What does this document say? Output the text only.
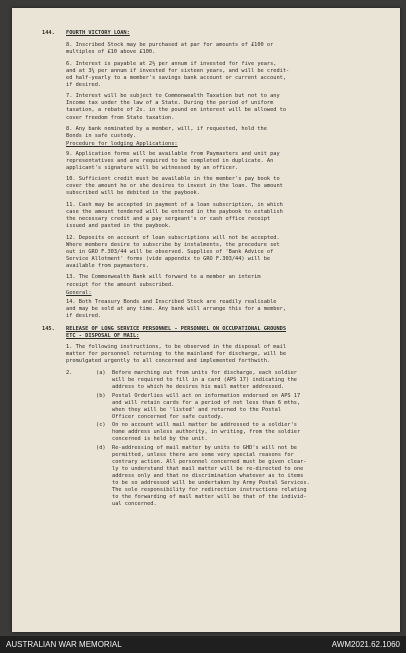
144.	FOURTH VICTORY LOAN:
8. Inscribed Stock may be purchased at par for amounts of £100 or
multiples of £10 above £100.
6. Interest is payable at 2½ per annum if invested for five years,
and at 3¼ per annum if invested for sixteen years, and will be credit-
ed half-yearly to a member's savings bank account or current account,
if desired.
7. Interest will be subject to Commonwealth Taxation but not to any
Income tax under the law of a State. During the period of uniform
taxation, a rebate of 2s. in the pound on interest will be allowed to
cover freedom from State taxation.
8. Any bank nominated by a member, will, if requested, hold the
Bonds in safe custody.
Procedure for lodging Applications:
9. Application forms will be available from Paymasters and unit pay
representatives and are required to be completed in duplicate. An
applicant's signature will be witnessed by an officer.
10. Sufficient credit must be available in the member's pay book to
cover the amount he or she desires to invest in the loan. The amount
subscribed will be debited in the paybook.
11. Cash may be accepted in payment of a loan subscription, in which
case the amount tendered will be entered in the paybook to establish
the necessary credit and a pay sergeant's or cash office receipt
issued and pasted in the paybook.
12. Deposits on account of loan subscriptions will not be accepted.
Where members desire to subscribe by instalments, the procedure set
out in GRO F.303/44 will be observed. Supplies of 'Bank Advice of
Service Allotment' forms (vide appendix to GRO F.303/44) will be
available from paymasters.
13. The Commonwealth Bank will forward to a member an interim
receipt for the amount subscribed.
General:
14. Both Treasury Bonds and Inscribed Stock are readily realisable
and may be sold at any time. Any bank will arrange this for a member,
if desired.
145.	RELEASE OF LONG SERVICE PERSONNEL - PERSONNEL ON OCCUPATIONAL GROUNDS
ETC - DISPOSAL OF MAIL:
1. The following instructions, to be observed in the disposal of mail
matter for personnel returning to the mainland for discharge, will be
promulgated urgently to all concerned and implemented forthwith.
2.	(a)	Before marching out from units for discharge, each soldier
will be required to fill in a card (APS 17) indicating the
address to which he desires his mail matter addressed.
(b)	Postal Orderlies will act on information endorsed on APS 17
and will retain cards for a period of not less than 6 mths,
when they will be 'listed' and returned to the Postal
Officer concerned for safe custody.
(c)	On no account will mail matter be addressed to a soldier's
home address unless authority, in writing, from the soldier
concerned is held by the unit.
(d)	Re-addressing of mail matter by units to GHD's will not be
permitted, unless there are some very special reasons for
contrary action. All personnel concerned must be given clear-
ly to understand that mail matter will be re-directed to one
address only and that no discrimination whatever as to items
to be so addressed will be undertaken by Army Postal Services.
The sole responsibility for redirection instructions relating
to the forwarding of mail matter will be that of the individ-
ual concerned.
AUSTRALIAN WAR MEMORIAL	AWM2021.62.1060
